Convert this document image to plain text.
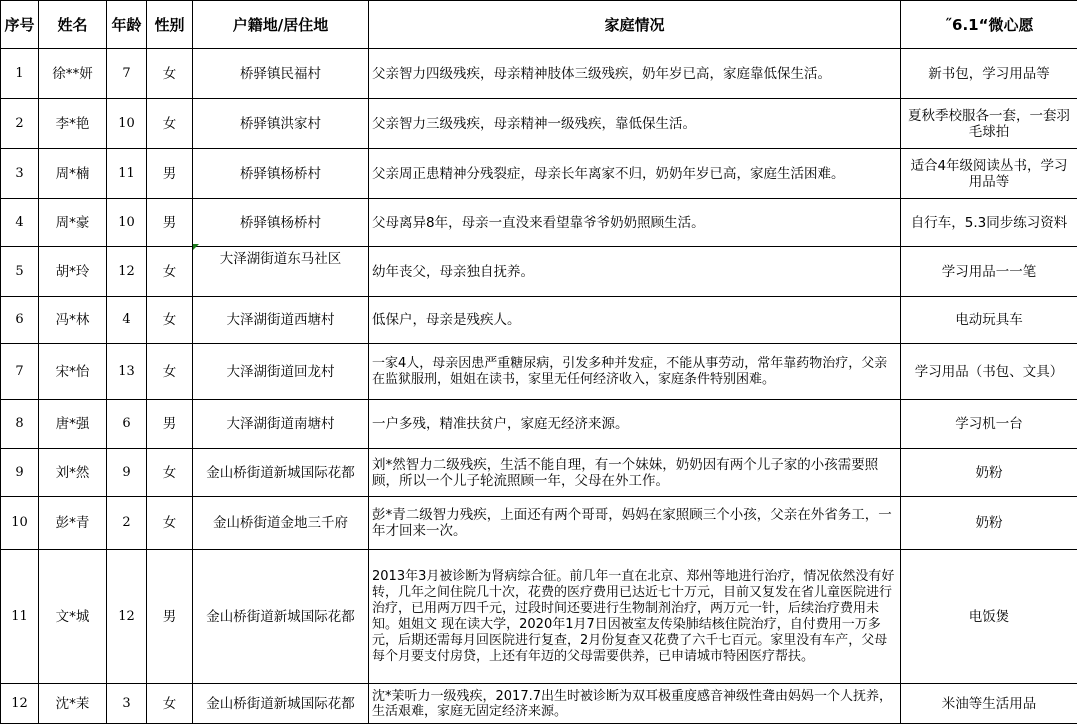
序号	姓名	年龄	性别	户籍地/居住地	家庭情况	˝6.1“微心愿
1	徐**妍	7	女	桥驿镇民福村	父亲智力四级残疾，母亲精神肢体三级残疾，奶年岁已高，家庭靠低保生活。	新书包，学习用品等
2	李*艳	10	女	桥驿镇洪家村	父亲智力三级残疾，母亲精神一级残疾，靠低保生活。	夏秋季校服各一套，一套羽毛球拍
3	周*楠	11	男	桥驿镇杨桥村	父亲周正患精神分残裂症，母亲长年离家不归，奶奶年岁已高，家庭生活困难。	适合4年级阅读丛书，学习用品等
4	周*豪	10	男	桥驿镇杨桥村	父母离异8年，母亲一直没来看望靠爷爷奶奶照顾生活。	自行车，5.3同步练习资料
5	胡*玲	12	女	大泽湖街道东马社区	幼年丧父，母亲独自抚养。	学习用品一一笔
6	冯*林	4	女	大泽湖街道西塘村	低保户，母亲是残疾人。	电动玩具车
7	宋*怡	13	女	大泽湖街道回龙村	一家4人，母亲因患严重糖尿病，引发多种并发症，不能从事劳动，常年靠药物治疗，父亲在监狱服刑，姐姐在读书，家里无任何经济收入，家庭条件特别困难。	学习用品（书包、文具）
8	唐*强	6	男	大泽湖街道南塘村	一户多残，精准扶贫户，家庭无经济来源。	学习机一台
9	刘*然	9	女	金山桥街道新城国际花都	刘*然智力二级残疾，生活不能自理，有一个妹妹，奶奶因有两个儿子家的小孩需要照顾，所以一个儿子轮流照顾一年，父母在外工作。	奶粉
10	彭*青	2	女	金山桥街道金地三千府	彭*青二级智力残疾，上面还有两个哥哥，妈妈在家照顾三个小孩，父亲在外省务工，一年才回来一次。	奶粉
11	文*城	12	男	金山桥街道新城国际花都	2013年3月被诊断为肾病综合征。前几年一直在北京、郑州等地进行治疗，情况依然没有好转，几年之间住院几十次，花费的医疗费用已达近七十万元，目前又复发在省儿童医院进行治疗，已用两万四千元，过段时间还要进行生物制剂治疗，两万元一针，后续治疗费用未知。姐姐文 现在读大学，2020年1月7日因被室友传染肺结核住院治疗，自付费用一万多元，后期还需每月回医院进行复查，2月份复查又花费了六千七百元。家里没有车产，父母每个月要支付房贷，上还有年迈的父母需要供养，已申请城市特困医疗帮扶。	电饭煲
12	沈*茉	3	女	金山桥街道新城国际花都	沈*茉听力一级残疾，2017.7出生时被诊断为双耳极重度感音神级性聋由妈妈一个人抚养，生活艰难，家庭无固定经济来源。	米油等生活用品
